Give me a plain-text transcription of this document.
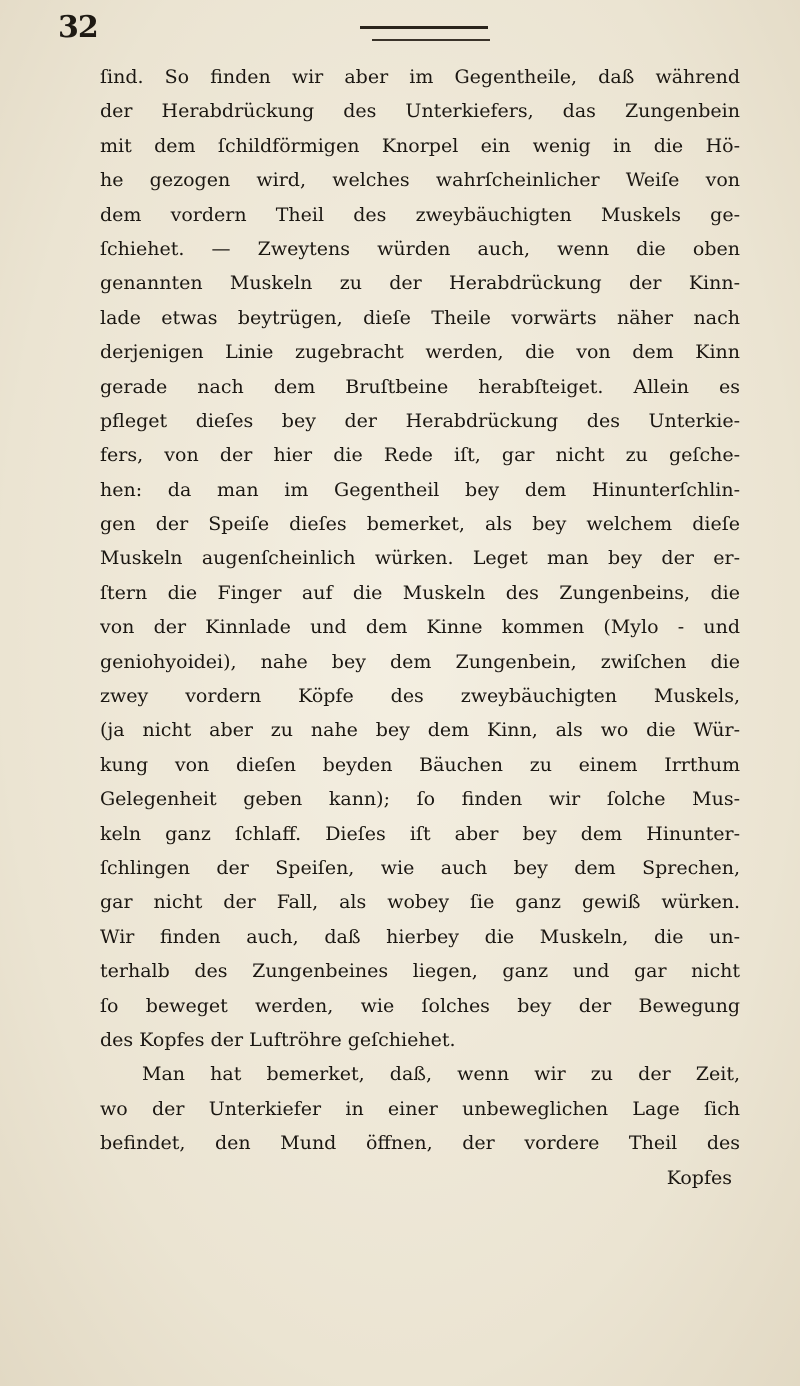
32
ſind. So finden wir aber im Gegentheile, daß während
der Herabdrückung des Unterkiefers, das Zungenbein
mit dem ſchildförmigen Knorpel ein wenig in die Hö-
he gezogen wird, welches wahrſcheinlicher Weiſe von
dem vordern Theil des zweybäuchigten Muskels ge-
ſchiehet. — Zweytens würden auch, wenn die oben
genannten Muskeln zu der Herabdrückung der Kinn-
lade etwas beytrügen, dieſe Theile vorwärts näher nach
derjenigen Linie zugebracht werden, die von dem Kinn
gerade nach dem Bruſtbeine herabſteiget. Allein es
pfleget dieſes bey der Herabdrückung des Unterkie-
fers, von der hier die Rede iſt, gar nicht zu geſche-
hen: da man im Gegentheil bey dem Hinunterſchlin-
gen der Speiſe dieſes bemerket, als bey welchem dieſe
Muskeln augenſcheinlich würken. Leget man bey der er-
ſtern die Finger auf die Muskeln des Zungenbeins, die
von der Kinnlade und dem Kinne kommen (Mylo - und
geniohyoidei), nahe bey dem Zungenbein, zwiſchen die
zwey vordern Köpfe des zweybäuchigten Muskels,
(ja nicht aber zu nahe bey dem Kinn, als wo die Wür-
kung von dieſen beyden Bäuchen zu einem Irrthum
Gelegenheit geben kann); ſo finden wir ſolche Mus-
keln ganz ſchlaff. Dieſes iſt aber bey dem Hinunter-
ſchlingen der Speiſen, wie auch bey dem Sprechen,
gar nicht der Fall, als wobey ſie ganz gewiß würken.
Wir finden auch, daß hierbey die Muskeln, die un-
terhalb des Zungenbeines liegen, ganz und gar nicht
ſo beweget werden, wie ſolches bey der Bewegung
des Kopfes der Luftröhre geſchiehet.
Man hat bemerket, daß, wenn wir zu der Zeit,
wo der Unterkiefer in einer unbeweglichen Lage ſich
befindet, den Mund öffnen, der vordere Theil des
Kopfes
